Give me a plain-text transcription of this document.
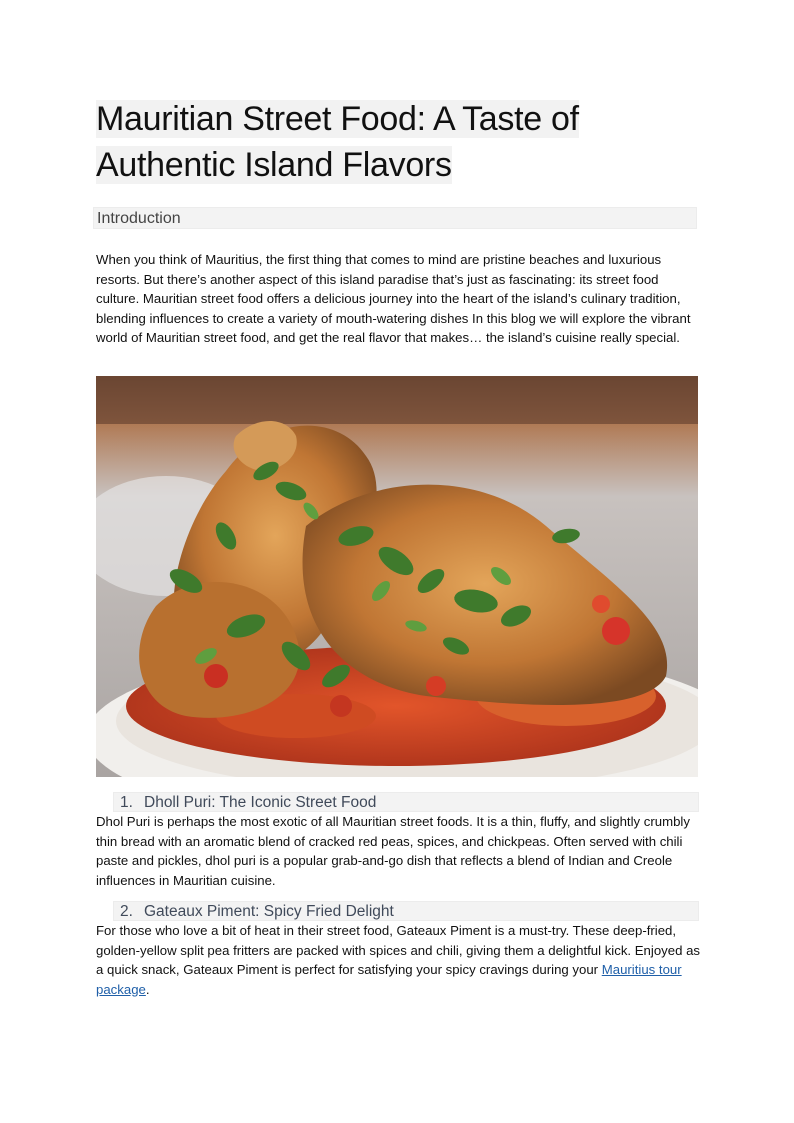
Mauritian Street Food: A Taste of
Authentic Island Flavors
Introduction

When you think of Mauritius, the first thing that comes to mind are pristine beaches and luxurious resorts. But there’s another aspect of this island paradise that’s just as fascinating: its street food culture. Mauritian street food offers a delicious journey into the heart of the island’s culinary tradition, blending influences to create a variety of mouth-watering dishes In this blog we will explore the vibrant world of Mauritian street food, and get the real flavor that makes… the island’s cuisine really special.

1. Dholl Puri: The Iconic Street Food

Dhol Puri is perhaps the most exotic of all Mauritian street foods. It is a thin, fluffy, and slightly crumbly thin bread with an aromatic blend of cracked red peas, spices, and chickpeas. Often served with chili paste and pickles, dhol puri is a popular grab-and-go dish that reflects a blend of Indian and Creole influences in Mauritian cuisine.

2. Gateaux Piment: Spicy Fried Delight

For those who love a bit of heat in their street food, Gateaux Piment is a must-try. These deep-fried, golden-yellow split pea fritters are packed with spices and chili, giving them a delightful kick. Enjoyed as a quick snack, Gateaux Piment is perfect for satisfying your spicy cravings during your Mauritius tour package.
